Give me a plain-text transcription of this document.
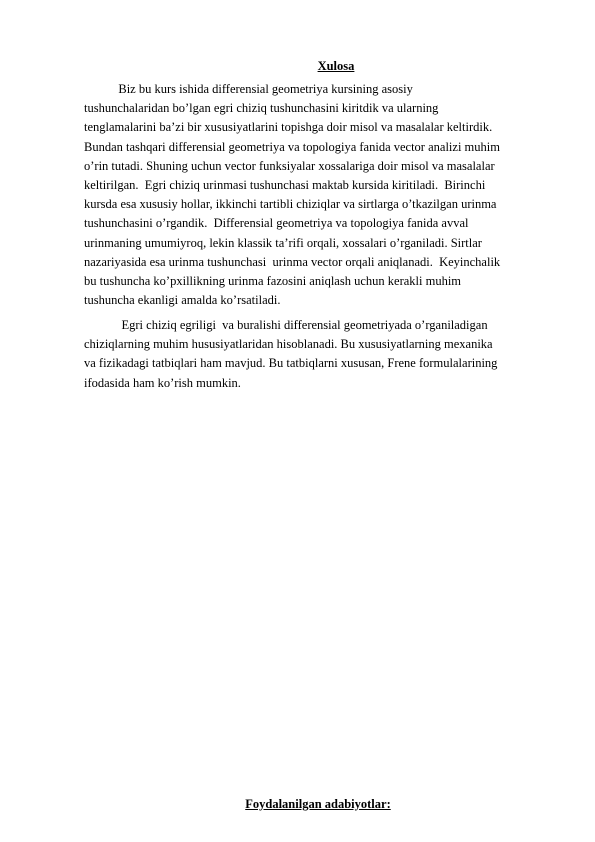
Xulosa
Biz bu kurs ishida differensial geometriya kursining asosiy
tushunchalaridan bo’lgan egri chiziq tushunchasini kiritdik va ularning
tenglamalarini ba’zi bir xususiyatlarini topishga doir misol va masalalar keltirdik.
Bundan tashqari differensial geometriya va topologiya fanida vector analizi muhim
o’rin tutadi. Shuning uchun vector funksiyalar xossalariga doir misol va masalalar
keltirilgan.  Egri chiziq urinmasi tushunchasi maktab kursida kiritiladi.  Birinchi
kursda esa xususiy hollar, ikkinchi tartibli chiziqlar va sirtlarga o’tkazilgan urinma
tushunchasini o’rgandik.  Differensial geometriya va topologiya fanida avval
urinmaning umumiyroq, lekin klassik ta’rifi orqali, xossalari o’rganiladi. Sirtlar
nazariyasida esa urinma tushunchasi  urinma vector orqali aniqlanadi.  Keyinchalik
bu tushuncha ko’pxillikning urinma fazosini aniqlash uchun kerakli muhim
tushuncha ekanligi amalda ko’rsatiladi.
Egri chiziq egriligi  va buralishi differensial geometriyada o’rganiladigan
chiziqlarning muhim hususiyatlaridan hisoblanadi. Bu xususiyatlarning mexanika
va fizikadagi tatbiqlari ham mavjud. Bu tatbiqlarni xususan, Frene formulalarining
ifodasida ham ko’rish mumkin.
Foydalanilgan adabiyotlar:
